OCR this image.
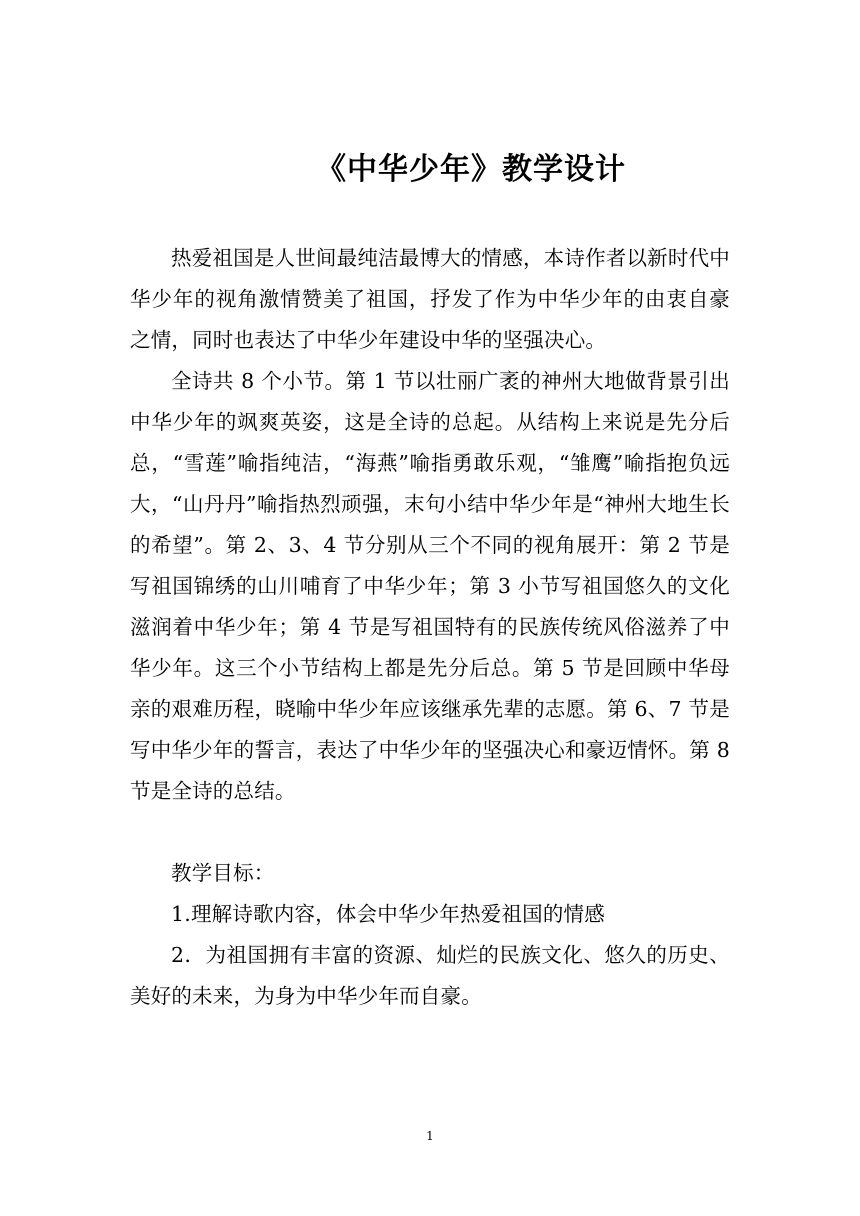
《中华少年》教学设计

热爱祖国是人世间最纯洁最博大的情感，本诗作者以新时代中华少年的视角激情赞美了祖国，抒发了作为中华少年的由衷自豪之情，同时也表达了中华少年建设中华的坚强决心。

全诗共 8 个小节。第 1 节以壮丽广袤的神州大地做背景引出中华少年的飒爽英姿，这是全诗的总起。从结构上来说是先分后总，“雪莲”喻指纯洁，“海燕”喻指勇敢乐观，“雏鹰”喻指抱负远大，“山丹丹”喻指热烈顽强，末句小结中华少年是“神州大地生长的希望”。第 2、3、4 节分别从三个不同的视角展开：第 2 节是写祖国锦绣的山川哺育了中华少年；第 3 小节写祖国悠久的文化滋润着中华少年；第 4 节是写祖国特有的民族传统风俗滋养了中华少年。这三个小节结构上都是先分后总。第 5 节是回顾中华母亲的艰难历程，晓喻中华少年应该继承先辈的志愿。第 6、7 节是写中华少年的誓言，表达了中华少年的坚强决心和豪迈情怀。第 8 节是全诗的总结。

教学目标：

1.理解诗歌内容，体会中华少年热爱祖国的情感

2．为祖国拥有丰富的资源、灿烂的民族文化、悠久的历史、美好的未来，为身为中华少年而自豪。

1
